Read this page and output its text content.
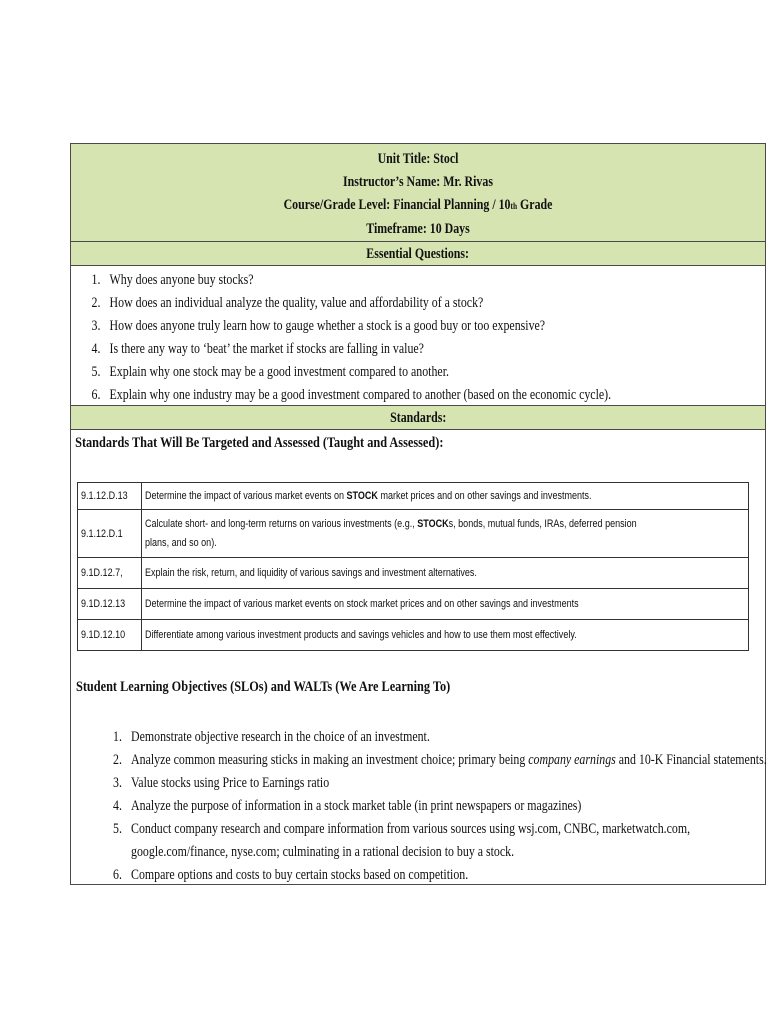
Unit Title: Stocl
Instructor’s Name: Mr. Rivas
Course/Grade Level: Financial Planning / 10th Grade
Timeframe: 10 Days
Essential Questions:
1. Why does anyone buy stocks?
2. How does an individual analyze the quality, value and affordability of a stock?
3. How does anyone truly learn how to gauge whether a stock is a good buy or too expensive?
4. Is there any way to ‘beat’ the market if stocks are falling in value?
5. Explain why one stock may be a good investment compared to another.
6. Explain why one industry may be a good investment compared to another (based on the economic cycle).
Standards:
Standards That Will Be Targeted and Assessed (Taught and Assessed):
9.1.12.D.13	Determine the impact of various market events on STOCK market prices and on other savings and investments.
9.1.12.D.1	Calculate short- and long-term returns on various investments (e.g., STOCKs, bonds, mutual funds, IRAs, deferred pension plans, and so on).
9.1D.12.7,	Explain the risk, return, and liquidity of various savings and investment alternatives.
9.1D.12.13	Determine the impact of various market events on stock market prices and on other savings and investments
9.1D.12.10	Differentiate among various investment products and savings vehicles and how to use them most effectively.
Student Learning Objectives (SLOs) and WALTs (We Are Learning To)
1. Demonstrate objective research in the choice of an investment.
2. Analyze common measuring sticks in making an investment choice; primary being company earnings and 10-K Financial statements.
3. Value stocks using Price to Earnings ratio
4. Analyze the purpose of information in a stock market table (in print newspapers or magazines)
5. Conduct company research and compare information from various sources using wsj.com, CNBC, marketwatch.com,
google.com/finance, nyse.com; culminating in a rational decision to buy a stock.
6. Compare options and costs to buy certain stocks based on competition.
